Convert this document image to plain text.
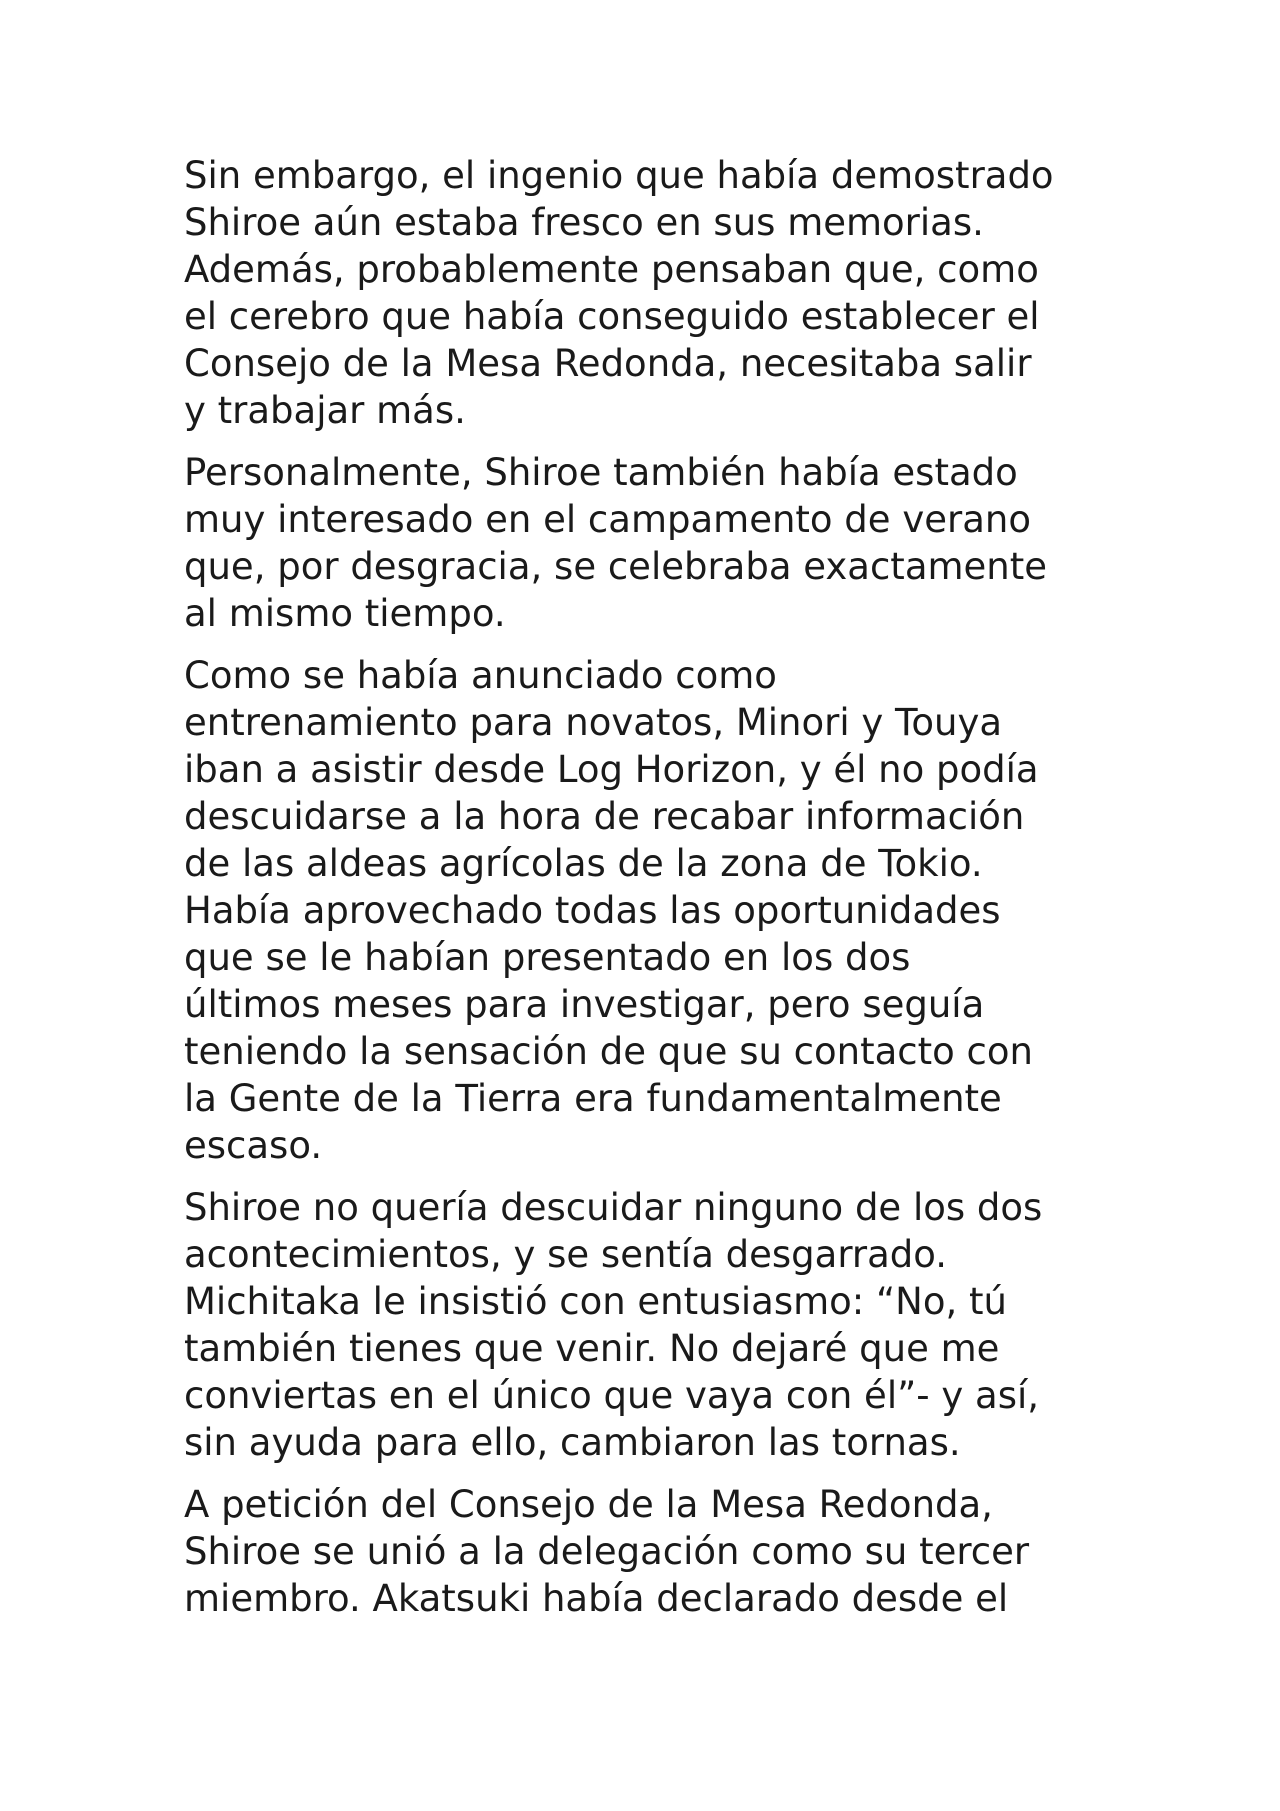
Sin embargo, el ingenio que había demostrado
Shiroe aún estaba fresco en sus memorias.
Además, probablemente pensaban que, como
el cerebro que había conseguido establecer el
Consejo de la Mesa Redonda, necesitaba salir
y trabajar más.

Personalmente, Shiroe también había estado
muy interesado en el campamento de verano
que, por desgracia, se celebraba exactamente
al mismo tiempo.

Como se había anunciado como
entrenamiento para novatos, Minori y Touya
iban a asistir desde Log Horizon, y él no podía
descuidarse a la hora de recabar información
de las aldeas agrícolas de la zona de Tokio.
Había aprovechado todas las oportunidades
que se le habían presentado en los dos
últimos meses para investigar, pero seguía
teniendo la sensación de que su contacto con
la Gente de la Tierra era fundamentalmente
escaso.

Shiroe no quería descuidar ninguno de los dos
acontecimientos, y se sentía desgarrado.
Michitaka le insistió con entusiasmo: “No, tú
también tienes que venir. No dejaré que me
conviertas en el único que vaya con él”- y así,
sin ayuda para ello, cambiaron las tornas.

A petición del Consejo de la Mesa Redonda,
Shiroe se unió a la delegación como su tercer
miembro. Akatsuki había declarado desde el
